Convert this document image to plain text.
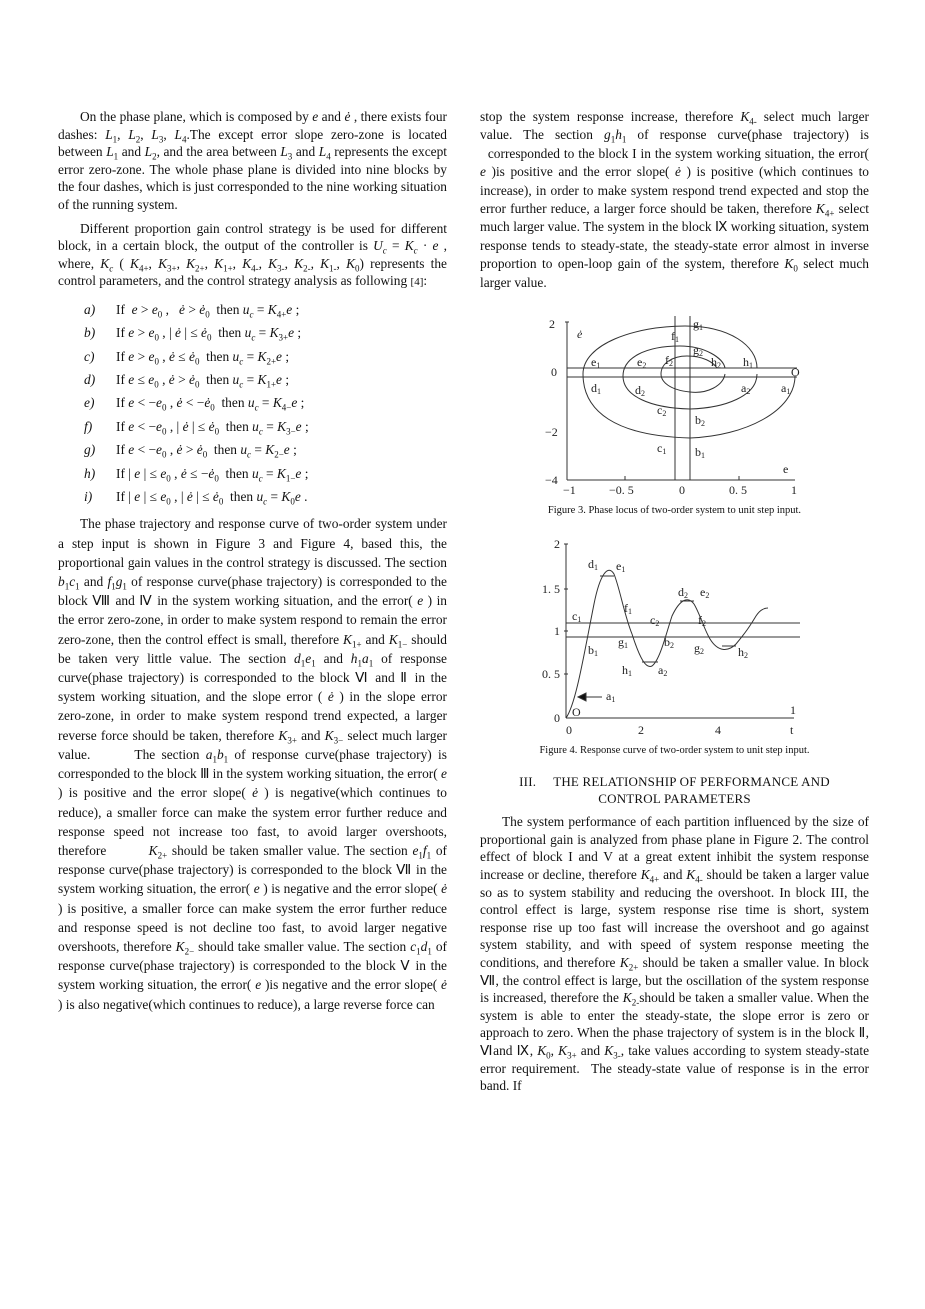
On the phase plane, which is composed by e and ė , there exists four dashes: $L_1$, $L_2$, $L_3$, $L_4.The$ except error slope zero-zone is located between $L_1$ and $L_2$, and the area between $L_3$ and $L_4$ represents the except error zero-zone. The whole phase plane is divided into nine blocks by the four dashes, which is just corresponded to the nine working situation of the running system.

Different proportion gain control strategy is be used for different block, in a certain block, the output of the controller is $U_c = K_c \cdot e$ , where, $K_c$ ( $K_{4+}$, $K_{3+}$, $K_{2+}$, $K_{1+}$, $K_{4-}$, $K_{3-}$, $K_{2-}$, $K_{1-}$, $K_0$) represents the control parameters, and the control strategy analysis as following [4]:

a)	If  $e > e_0$ ,   ė > $ė_0$  then $u_c = K_{4+}e$ ;
b)	If $e > e_0$ , | ė | ≤ $ė_0$  then $u_c = K_{3+}e$ ;
c)	If $e > e_0$ , ė ≤ $ė_0$  then $u_c = K_{2+}e$ ;
d)	If $e \le e_0$ , ė > $ė_0$  then $u_c = K_{1+}e$ ;
e)	If $e < -e_0$ , ė < $-ė_0$  then $u_c = K_{4-}e$ ;
f)	If $e < -e_0$ , | ė | ≤ $ė_0$  then $u_c = K_{3-}e$ ;
g)	If $e < -e_0$ , ė > $ė_0$  then $u_c = K_{2-}e$ ;
h)	If | e | ≤ $e_0$ , ė ≤ $-ė_0$  then $u_c = K_{1-}e$ ;
i)	If | e | ≤ $e_0$ , | ė | ≤ $ė_0$  then $u_c = K_0e$ .

The phase trajectory and response curve of two-order system under a step input is shown in Figure 3 and Figure 4, based this, the proportional gain values in the control strategy is discussed. The section $b_1c_1$ and $f_1g_1$ of response curve(phase trajectory) is corresponded to the block Ⅷ and Ⅳ in the system working situation, and the error( e ) in the error zero-zone, in order to make system respond to remain the error zero-zone, then the control effect is small, therefore $K_{1+}$ and $K_{1-}$ should be taken very little value. The section $d_1e_1$ and $h_1a_1$ of response curve(phase trajectory) is corresponded to the block Ⅵ and Ⅱ in the system working situation, and the slope error ( ė ) in the slope error zero-zone, in order to make system respond trend expected, a larger reverse force should be taken, therefore $K_{3+}$ and $K_{3-}$ select much larger value.       The section $a_1b_1$ of response curve(phase trajectory) is corresponded to the block Ⅲ in the system working situation, the error( e ) is positive and the error slope( ė ) is negative(which continues to reduce), a smaller force can make the system error further reduce and response speed not increase too fast, to avoid larger overshoots, therefore         $K_{2+}$ should be taken smaller value. The section $e_1f_1$ of response curve(phase trajectory) is corresponded to the block Ⅶ in the system working situation, the error( e ) is negative and the error slope( ė ) is positive, a smaller force can make system the error further reduce and response speed is not decline too fast, to avoid larger negative overshoots, therefore $K_{2-}$ should take smaller value. The section $c_1d_1$ of response curve(phase trajectory) is corresponded to the block Ⅴ in the system working situation, the error( e )is negative and the error slope( ė ) is also negative(which continues to reduce), a large reverse force can

stop the system response increase, therefore $K_{4-}$ select much larger value. The section $g_1h_1$ of response curve(phase trajectory) is   corresponded to the block I in the system working situation, the error( e )is positive and the error slope( ė ) is positive (which continues to increase), in order to make system respond trend expected and stop the error further reduce, a larger force should be taken, therefore $K_{4+}$ select much larger value. The system in the block Ⅸ working situation, system response tends to steady-state, the steady-state error almost in inverse proportion to open-loop gain of the system, therefore $K_0$ select much larger value.

2
0
−2
−4
−1	−0. 5	0	0. 5	1
ė
e
O
f1
g1
g2
f2
e1	e2	h2 h1
d1	d2	a2	a1
c2 b2
c1 b1
Figure 3. Phase locus of two-order system to unit step input.
2
1. 5
1
0. 5
0
0	2	4	t
1
O
a1
c1
d1 e1
f1
b1
g1
h1 a2
b2
c2
d2 e2
f2
g2	h2
Figure 4. Response curve of two-order system to unit step input.
III. THE RELATIONSHIP OF PERFORMANCE AND
CONTROL PARAMETERS

The system performance of each partition influenced by the size of proportional gain is analyzed from phase plane in Figure 2. The control effect of block I and V at a great extent inhibit the system response increase or decline, therefore $K_{4+}$ and $K_{4-}$ should be taken a larger value so as to system stability and reducing the overshoot. In block III, the control effect is large, system response rise time is short, system response rise up too fast will increase the overshoot and go against system stability, and with speed of system response meeting the conditions, and therefore $K_{2+}$ should be taken a smaller value. In block Ⅶ, the control effect is large, but the oscillation of the system response is increased, therefore the $K_{2-}should$ be taken a smaller value. When the system is able to enter the steady-state, the slope error is zero or approach to zero. When the phase trajectory of system is in the block Ⅱ, Ⅵand Ⅸ, $K_0$, $K_{3+}$ and $K_{3-}$, take values according to system steady-state error requirement.  The steady-state value of response is in the error band. If
